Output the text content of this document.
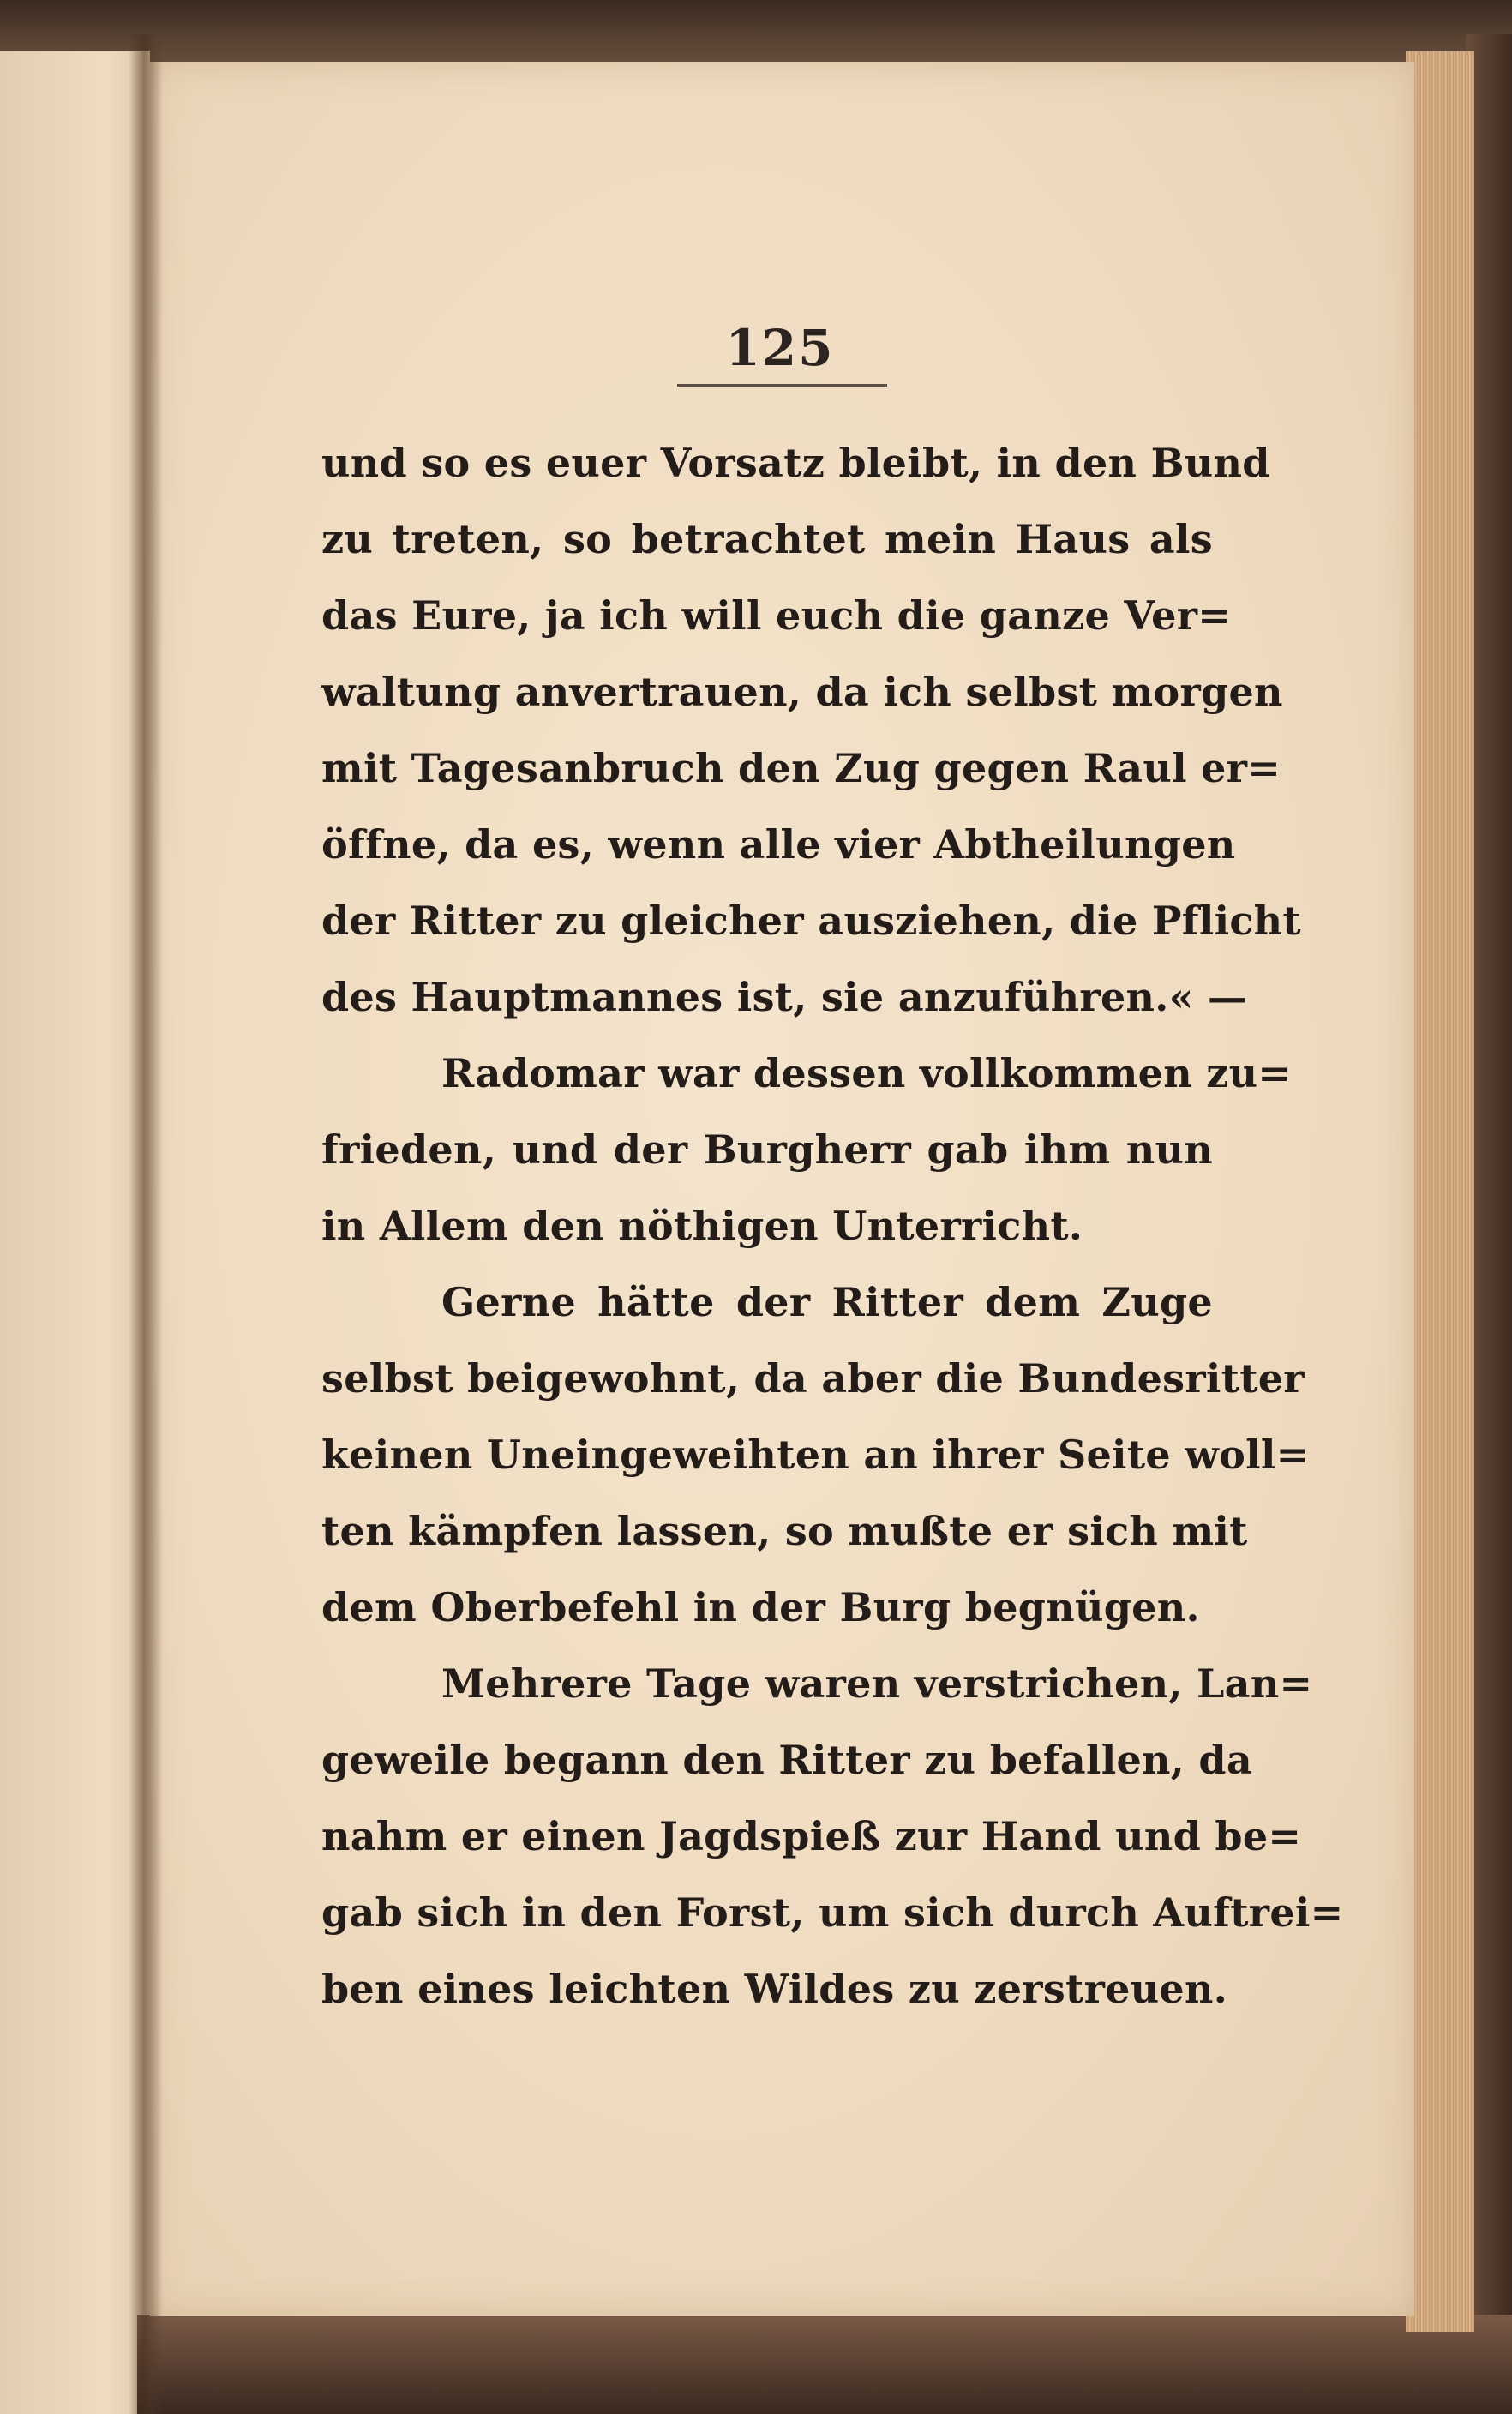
125
und so es euer Vorsatz bleibt, in den Bund
zu treten, so betrachtet mein Haus als
das Eure, ja ich will euch die ganze Ver=
waltung anvertrauen, da ich selbst morgen
mit Tagesanbruch den Zug gegen Raul er=
öffne, da es, wenn alle vier Abtheilungen
der Ritter zu gleicher ausziehen, die Pflicht
des Hauptmannes ist, sie anzuführen.« —
Radomar war dessen vollkommen zu=
frieden, und der Burgherr gab ihm nun
in Allem den nöthigen Unterricht.
Gerne hätte der Ritter dem Zuge
selbst beigewohnt, da aber die Bundesritter
keinen Uneingeweihten an ihrer Seite woll=
ten kämpfen lassen, so mußte er sich mit
dem Oberbefehl in der Burg begnügen.
Mehrere Tage waren verstrichen, Lan=
geweile begann den Ritter zu befallen, da
nahm er einen Jagdspieß zur Hand und be=
gab sich in den Forst, um sich durch Auftrei=
ben eines leichten Wildes zu zerstreuen.
